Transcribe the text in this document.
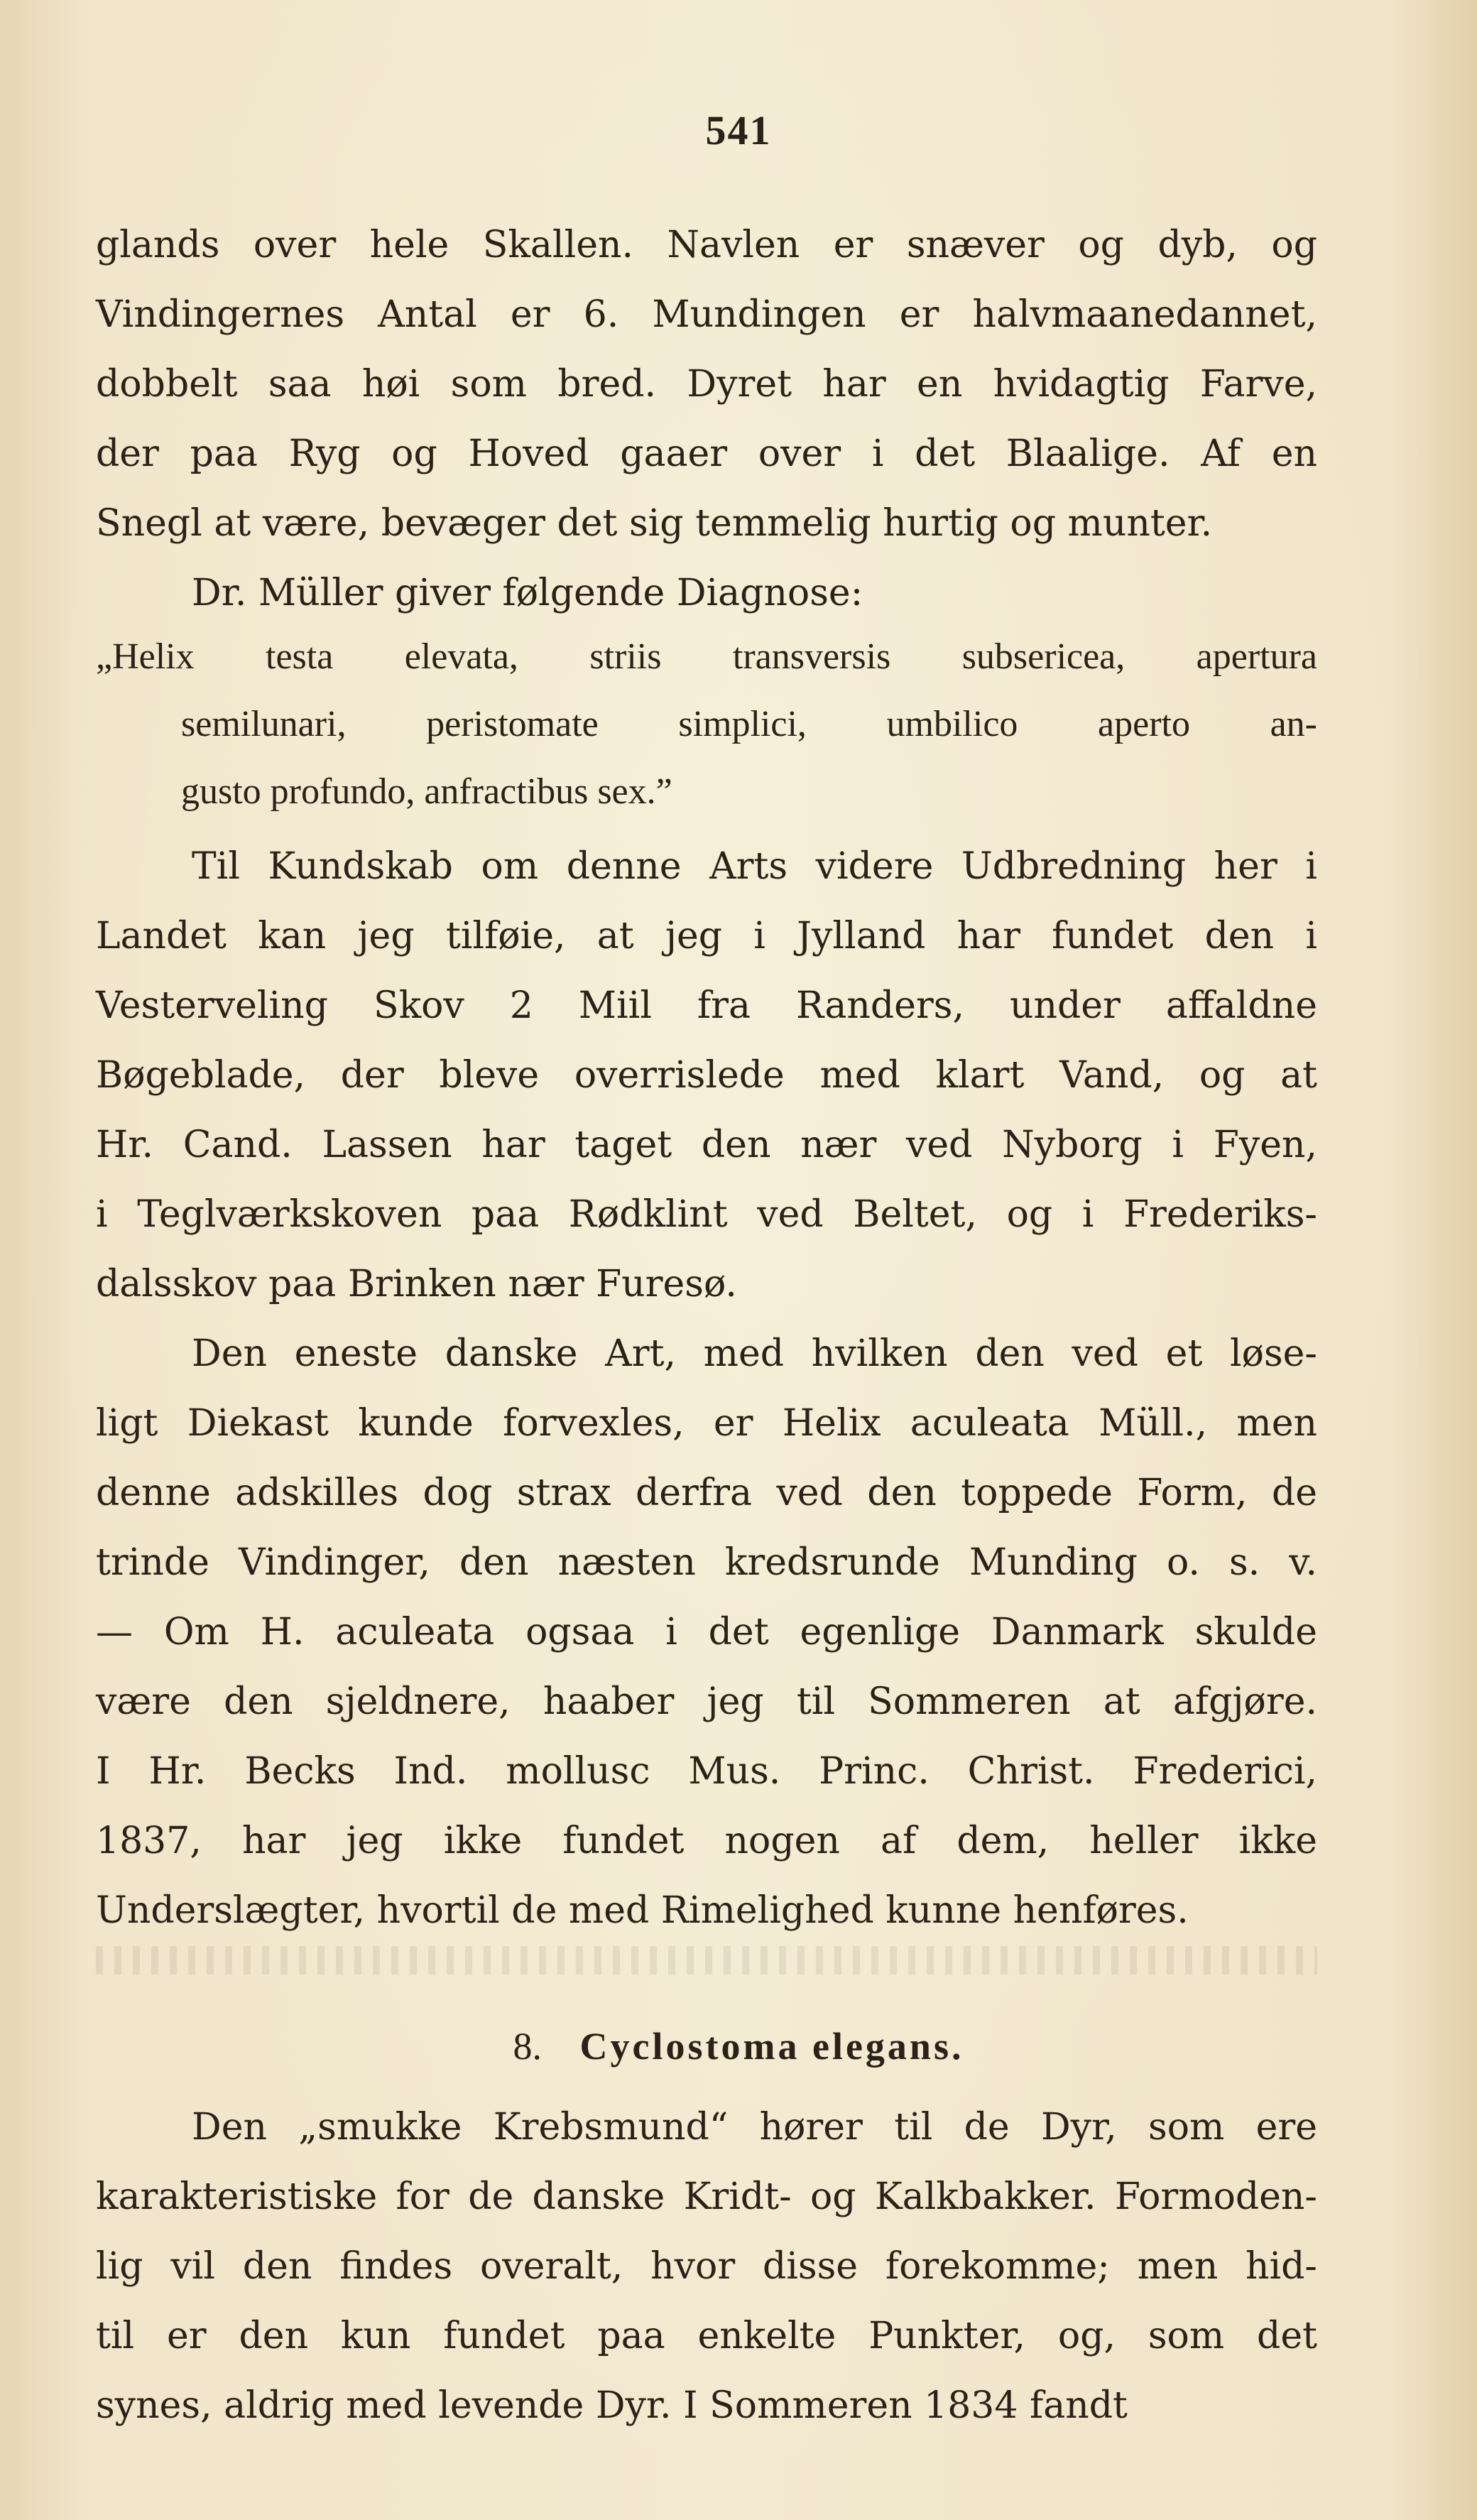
541
glands over hele Skallen. Navlen er snæver og dyb, og
Vindingernes Antal er 6. Mundingen er halvmaanedannet,
dobbelt saa høi som bred. Dyret har en hvidagtig Farve,
der paa Ryg og Hoved gaaer over i det Blaalige. Af en
Snegl at være, bevæger det sig temmelig hurtig og munter.
Dr. Müller giver følgende Diagnose:
„Helix testa elevata, striis transversis subsericea, apertura
semilunari, peristomate simplici, umbilico aperto an-
gusto profundo, anfractibus sex.”
Til Kundskab om denne Arts videre Udbredning her i
Landet kan jeg tilføie, at jeg i Jylland har fundet den i
Vesterveling Skov 2 Miil fra Randers, under affaldne
Bøgeblade, der bleve overrislede med klart Vand, og at
Hr. Cand. Lassen har taget den nær ved Nyborg i Fyen,
i Teglværkskoven paa Rødklint ved Beltet, og i Frederiks-
dalsskov paa Brinken nær Furesø.
Den eneste danske Art, med hvilken den ved et løse-
ligt Diekast kunde forvexles, er Helix aculeata Müll., men
denne adskilles dog strax derfra ved den toppede Form, de
trinde Vindinger, den næsten kredsrunde Munding o. s. v.
— Om H. aculeata ogsaa i det egenlige Danmark skulde
være den sjeldnere, haaber jeg til Sommeren at afgjøre.
I Hr. Becks Ind. mollusc Mus. Princ. Christ. Frederici,
1837, har jeg ikke fundet nogen af dem, heller ikke
Underslægter, hvortil de med Rimelighed kunne henføres.
Den „smukke Krebsmund“ hører til de Dyr, som ere
karakteristiske for de danske Kridt- og Kalkbakker. Formoden-
lig vil den findes overalt, hvor disse forekomme; men hid-
til er den kun fundet paa enkelte Punkter, og, som det
synes, aldrig med levende Dyr. I Sommeren 1834 fandt
8. Cyclostoma elegans.
